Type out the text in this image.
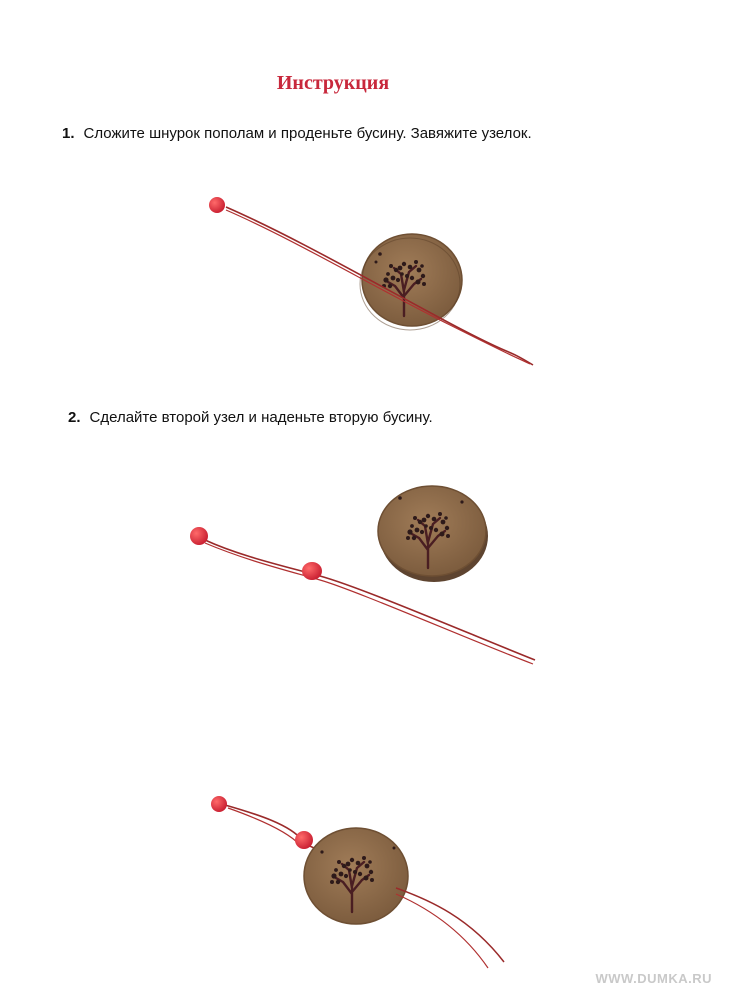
Инструкция
1. Сложите шнурок пополам и проденьте бусину. Завяжите узелок.
2. Сделайте второй узел и наденьте вторую бусину.
WWW.DUMKA.RU
